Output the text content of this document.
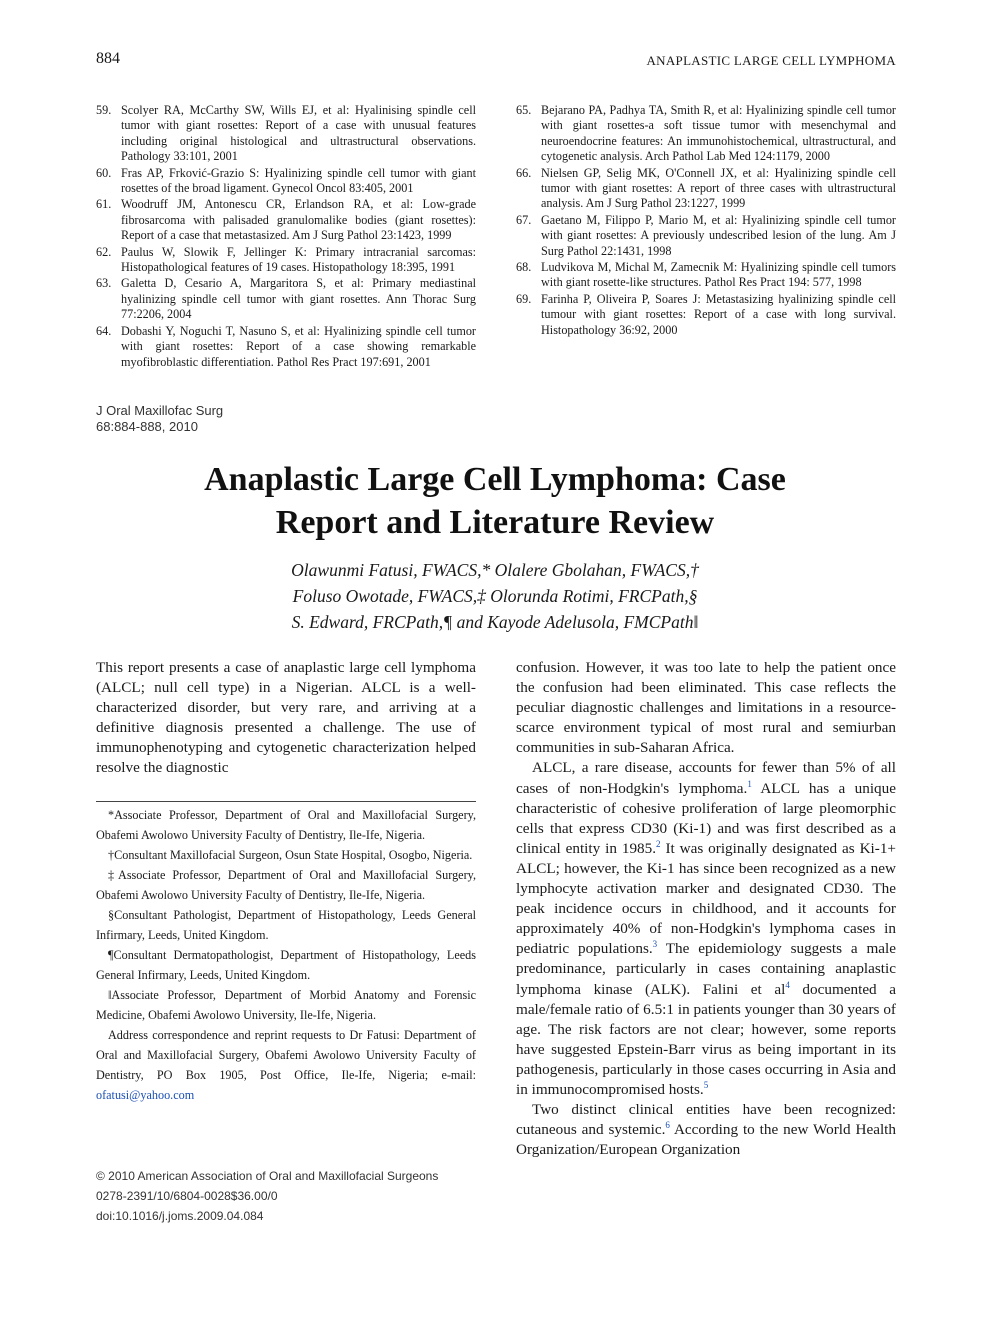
884	ANAPLASTIC LARGE CELL LYMPHOMA
59. Scolyer RA, McCarthy SW, Wills EJ, et al: Hyalinising spindle cell tumor with giant rosettes: Report of a case with unusual features including original histological and ultrastructural observations. Pathology 33:101, 2001
60. Fras AP, Frković-Grazio S: Hyalinizing spindle cell tumor with giant rosettes of the broad ligament. Gynecol Oncol 83:405, 2001
61. Woodruff JM, Antonescu CR, Erlandson RA, et al: Low-grade fibrosarcoma with palisaded granulomalike bodies (giant rosettes): Report of a case that metastasized. Am J Surg Pathol 23:1423, 1999
62. Paulus W, Slowik F, Jellinger K: Primary intracranial sarcomas: Histopathological features of 19 cases. Histopathology 18:395, 1991
63. Galetta D, Cesario A, Margaritora S, et al: Primary mediastinal hyalinizing spindle cell tumor with giant rosettes. Ann Thorac Surg 77:2206, 2004
64. Dobashi Y, Noguchi T, Nasuno S, et al: Hyalinizing spindle cell tumor with giant rosettes: Report of a case showing remarkable myofibroblastic differentiation. Pathol Res Pract 197:691, 2001
65. Bejarano PA, Padhya TA, Smith R, et al: Hyalinizing spindle cell tumor with giant rosettes-a soft tissue tumor with mesenchymal and neuroendocrine features: An immunohistochemical, ultrastructural, and cytogenetic analysis. Arch Pathol Lab Med 124:1179, 2000
66. Nielsen GP, Selig MK, O'Connell JX, et al: Hyalinizing spindle cell tumor with giant rosettes: A report of three cases with ultrastructural analysis. Am J Surg Pathol 23:1227, 1999
67. Gaetano M, Filippo P, Mario M, et al: Hyalinizing spindle cell tumor with giant rosettes: A previously undescribed lesion of the lung. Am J Surg Pathol 22:1431, 1998
68. Ludvikova M, Michal M, Zamecnik M: Hyalinizing spindle cell tumors with giant rosette-like structures. Pathol Res Pract 194: 577, 1998
69. Farinha P, Oliveira P, Soares J: Metastasizing hyalinizing spindle cell tumour with giant rosettes: Report of a case with long survival. Histopathology 36:92, 2000
J Oral Maxillofac Surg
68:884-888, 2010
Anaplastic Large Cell Lymphoma: Case
Report and Literature Review
Olawunmi Fatusi, FWACS,* Olalere Gbolahan, FWACS,†
Foluso Owotade, FWACS,‡ Olorunda Rotimi, FRCPath,§
S. Edward, FRCPath,¶ and Kayode Adelusola, FMCPath‖

This report presents a case of anaplastic large cell lymphoma (ALCL; null cell type) in a Nigerian. ALCL is a well-characterized disorder, but very rare, and arriving at a definitive diagnosis presented a challenge. The use of immunophenotyping and cytogenetic characterization helped resolve the diagnostic

*Associate Professor, Department of Oral and Maxillofacial Surgery, Obafemi Awolowo University Faculty of Dentistry, Ile-Ife, Nigeria.

†Consultant Maxillofacial Surgeon, Osun State Hospital, Osogbo, Nigeria.

‡Associate Professor, Department of Oral and Maxillofacial Surgery, Obafemi Awolowo University Faculty of Dentistry, Ile-Ife, Nigeria.

§Consultant Pathologist, Department of Histopathology, Leeds General Infirmary, Leeds, United Kingdom.

¶Consultant Dermatopathologist, Department of Histopathology, Leeds General Infirmary, Leeds, United Kingdom.

‖Associate Professor, Department of Morbid Anatomy and Forensic Medicine, Obafemi Awolowo University, Ile-Ife, Nigeria.

Address correspondence and reprint requests to Dr Fatusi: Department of Oral and Maxillofacial Surgery, Obafemi Awolowo University Faculty of Dentistry, PO Box 1905, Post Office, Ile-Ife, Nigeria; e-mail: ofatusi@yahoo.com

© 2010 American Association of Oral and Maxillofacial Surgeons
0278-2391/10/6804-0028$36.00/0
doi:10.1016/j.joms.2009.04.084

confusion. However, it was too late to help the patient once the confusion had been eliminated. This case reflects the peculiar diagnostic challenges and limitations in a resource-scarce environment typical of most rural and semiurban communities in sub-Saharan Africa.

ALCL, a rare disease, accounts for fewer than 5% of all cases of non-Hodgkin's lymphoma.$^1$ ALCL has a unique characteristic of cohesive proliferation of large pleomorphic cells that express CD30 (Ki-1) and was first described as a clinical entity in 1985.$^2$ It was originally designated as Ki-1+ ALCL; however, the Ki-1 has since been recognized as a new lymphocyte activation marker and designated CD30. The peak incidence occurs in childhood, and it accounts for approximately 40% of non-Hodgkin's lymphoma cases in pediatric populations.$^3$ The epidemiology suggests a male predominance, particularly in cases containing anaplastic lymphoma kinase (ALK). Falini et $al^4$ documented a male/female ratio of 6.5:1 in patients younger than 30 years of age. The risk factors are not clear; however, some reports have suggested Epstein-Barr virus as being important in its pathogenesis, particularly in those cases occurring in Asia and in immunocompromised hosts.$^5$

Two distinct clinical entities have been recognized: cutaneous and systemic.$^6$ According to the new World Health Organization/European Organization
